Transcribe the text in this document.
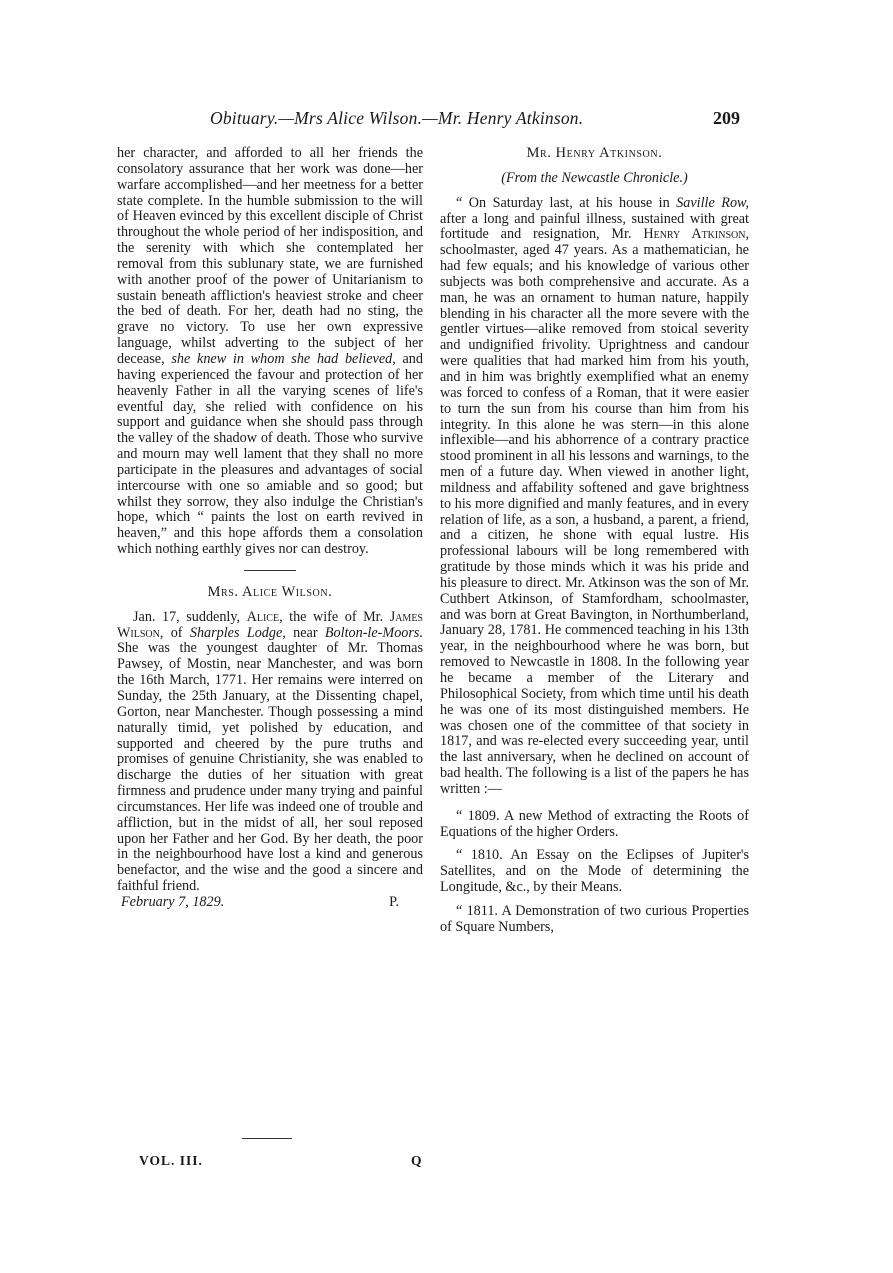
Obituary.—Mrs Alice Wilson.—Mr. Henry Atkinson.	209

her character, and afforded to all her friends the consolatory assurance that her work was done—her warfare accomplished—and her meetness for a better state complete. In the humble submission to the will of Heaven evinced by this excellent disciple of Christ throughout the whole period of her indisposition, and the serenity with which she contemplated her removal from this sublunary state, we are furnished with another proof of the power of Unitarianism to sustain beneath affliction's heaviest stroke and cheer the bed of death. For her, death had no sting, the grave no victory. To use her own expressive language, whilst adverting to the subject of her decease, she knew in whom she had believed, and having experienced the favour and protection of her heavenly Father in all the varying scenes of life's eventful day, she relied with confidence on his support and guidance when she should pass through the valley of the shadow of death. Those who survive and mourn may well lament that they shall no more participate in the pleasures and advantages of social intercourse with one so amiable and so good; but whilst they sorrow, they also indulge the Christian's hope, which “ paints the lost on earth revived in heaven,” and this hope affords them a consolation which nothing earthly gives nor can destroy.

Mrs. Alice Wilson.

Jan. 17, suddenly, Alice, the wife of Mr. James Wilson, of Sharples Lodge, near Bolton-le-Moors. She was the youngest daughter of Mr. Thomas Pawsey, of Mostin, near Manchester, and was born the 16th March, 1771. Her remains were interred on Sunday, the 25th January, at the Dissenting chapel, Gorton, near Manchester. Though possessing a mind naturally timid, yet polished by education, and supported and cheered by the pure truths and promises of genuine Christianity, she was enabled to discharge the duties of her situation with great firmness and prudence under many trying and painful circumstances. Her life was indeed one of trouble and affliction, but in the midst of all, her soul reposed upon her Father and her God. By her death, the poor in the neighbourhood have lost a kind and generous benefactor, and the wise and the good a sincere and faithful friend.

February 7, 1829.	P.
Mr. Henry Atkinson.
(From the Newcastle Chronicle.)

“ On Saturday last, at his house in Saville Row, after a long and painful illness, sustained with great fortitude and resignation, Mr. Henry Atkinson, schoolmaster, aged 47 years. As a mathematician, he had few equals; and his knowledge of various other subjects was both comprehensive and accurate. As a man, he was an ornament to human nature, happily blending in his character all the more severe with the gentler virtues—alike removed from stoical severity and undignified frivolity. Uprightness and candour were qualities that had marked him from his youth, and in him was brightly exemplified what an enemy was forced to confess of a Roman, that it were easier to turn the sun from his course than him from his integrity. In this alone he was stern—in this alone inflexible—and his abhorrence of a contrary practice stood prominent in all his lessons and warnings, to the men of a future day. When viewed in another light, mildness and affability softened and gave brightness to his more dignified and manly features, and in every relation of life, as a son, a husband, a parent, a friend, and a citizen, he shone with equal lustre. His professional labours will be long remembered with gratitude by those minds which it was his pride and his pleasure to direct. Mr. Atkinson was the son of Mr. Cuthbert Atkinson, of Stamfordham, schoolmaster, and was born at Great Bavington, in Northumberland, January 28, 1781. He commenced teaching in his 13th year, in the neighbourhood where he was born, but removed to Newcastle in 1808. In the following year he became a member of the Literary and Philosophical Society, from which time until his death he was one of its most distinguished members. He was chosen one of the committee of that society in 1817, and was re-elected every succeeding year, until the last anniversary, when he declined on account of bad health. The following is a list of the papers he has written :—

“ 1809. A new Method of extracting the Roots of Equations of the higher Orders.

“ 1810. An Essay on the Eclipses of Jupiter's Satellites, and on the Mode of determining the Longitude, &c., by their Means.

“ 1811. A Demonstration of two curious Properties of Square Numbers,

VOL. III.	Q
